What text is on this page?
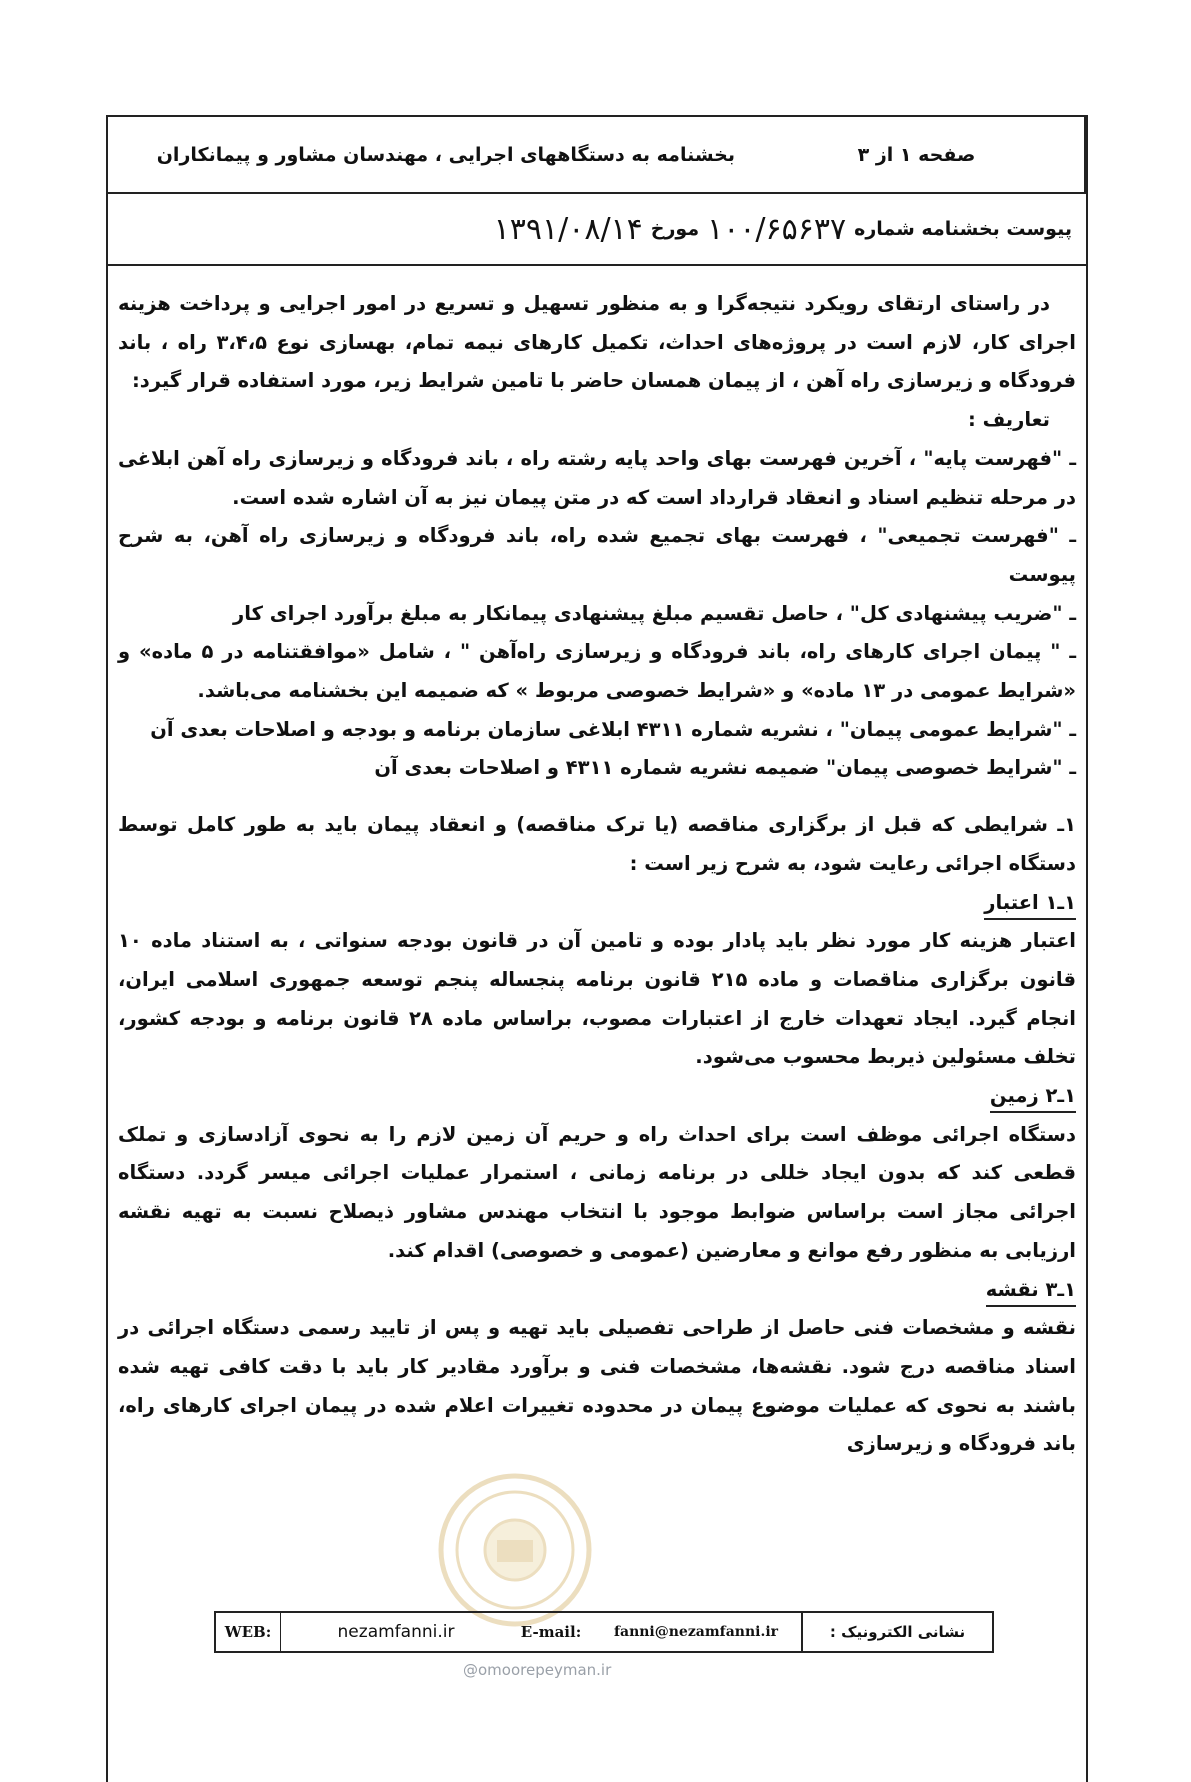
بخشنامه به دستگاههای اجرایی ، مهندسان مشاور و پیمانکاران	صفحه ۱ از ۳
پیوست بخشنامه شماره
۱۰۰/۶۵۶۳۷
مورخ
۱۳۹۱/۰۸/۱۴

در راستای ارتقای رویکرد نتیجه‌گرا و به منظور تسهیل و تسریع در امور اجرایی و پرداخت هزینه اجرای کار، لازم است در پروژه‌های احداث، تکمیل کارهای نیمه تمام، بهسازی نوع ۳،۴،۵ راه ، باند فرودگاه و زیرسازی راه آهن ، از پیمان همسان حاضر با تامین شرایط زیر، مورد استفاده قرار گیرد:

تعاریف :

ـ "فهرست پایه" ، آخرین فهرست بهای واحد پایه رشته راه ، باند فرودگاه و زیرسازی راه آهن ابلاغی در مرحله تنظیم اسناد و انعقاد قرارداد است که در متن پیمان نیز به آن اشاره شده است.

ـ "فهرست تجمیعی" ، فهرست بهای تجمیع شده راه، باند فرودگاه و زیرسازی راه آهن، به شرح پیوست

ـ "ضریب پیشنهادی کل" ، حاصل تقسیم مبلغ پیشنهادی پیمانکار به مبلغ برآورد اجرای کار

ـ " پیمان اجرای کارهای راه، باند فرودگاه و زیرسازی راه‌آهن " ، شامل «موافقتنامه در ۵ ماده» و «شرایط عمومی در ۱۳ ماده» و «شرایط خصوصی مربوط » که ضمیمه این بخشنامه می‌باشد.

ـ "شرایط عمومی پیمان" ، نشریه شماره ۴۳۱۱ ابلاغی سازمان برنامه و بودجه و اصلاحات بعدی آن

ـ "شرایط خصوصی پیمان" ضمیمه نشریه شماره ۴۳۱۱ و اصلاحات بعدی آن

۱ـ شرایطی که قبل از برگزاری مناقصه (یا ترک مناقصه) و انعقاد پیمان باید به طور کامل توسط دستگاه اجرائی رعایت شود، به شرح زیر است :

۱ـ۱ اعتبار

اعتبار هزینه کار مورد نظر باید پادار بوده و تامین آن در قانون بودجه سنواتی ، به استناد ماده ۱۰ قانون برگزاری مناقصات و ماده ۲۱۵ قانون برنامه پنجساله پنجم توسعه جمهوری اسلامی ایران، انجام گیرد. ایجاد تعهدات خارج از اعتبارات مصوب، براساس ماده ۲۸ قانون برنامه و بودجه کشور، تخلف مسئولین ذیربط محسوب می‌شود.

۱ـ۲ زمین

دستگاه اجرائی موظف است برای احداث راه و حریم آن زمین لازم را به نحوی آزادسازی و تملک قطعی کند که بدون ایجاد خللی در برنامه زمانی ، استمرار عملیات اجرائی میسر گردد. دستگاه اجرائی مجاز است براساس ضوابط موجود با انتخاب مهندس مشاور ذیصلاح نسبت به تهیه نقشه ارزیابی به منظور رفع موانع و معارضین (عمومی و خصوصی) اقدام کند.

۱ـ۳ نقشه

نقشه و مشخصات فنی حاصل از طراحی تفصیلی باید تهیه و پس از تایید رسمی دستگاه اجرائی در اسناد مناقصه درج شود. نقشه‌ها، مشخصات فنی و برآورد مقادیر کار باید با دقت کافی تهیه شده باشند به نحوی که عملیات موضوع پیمان در محدوده تغییرات اعلام شده در پیمان اجرای کارهای راه، باند فرودگاه و زیرسازی

WEB:	nezamfanni.ir	E-mail:	fanni@nezamfanni.ir	نشانی الکترونیک :
@omoorepeyman.ir
